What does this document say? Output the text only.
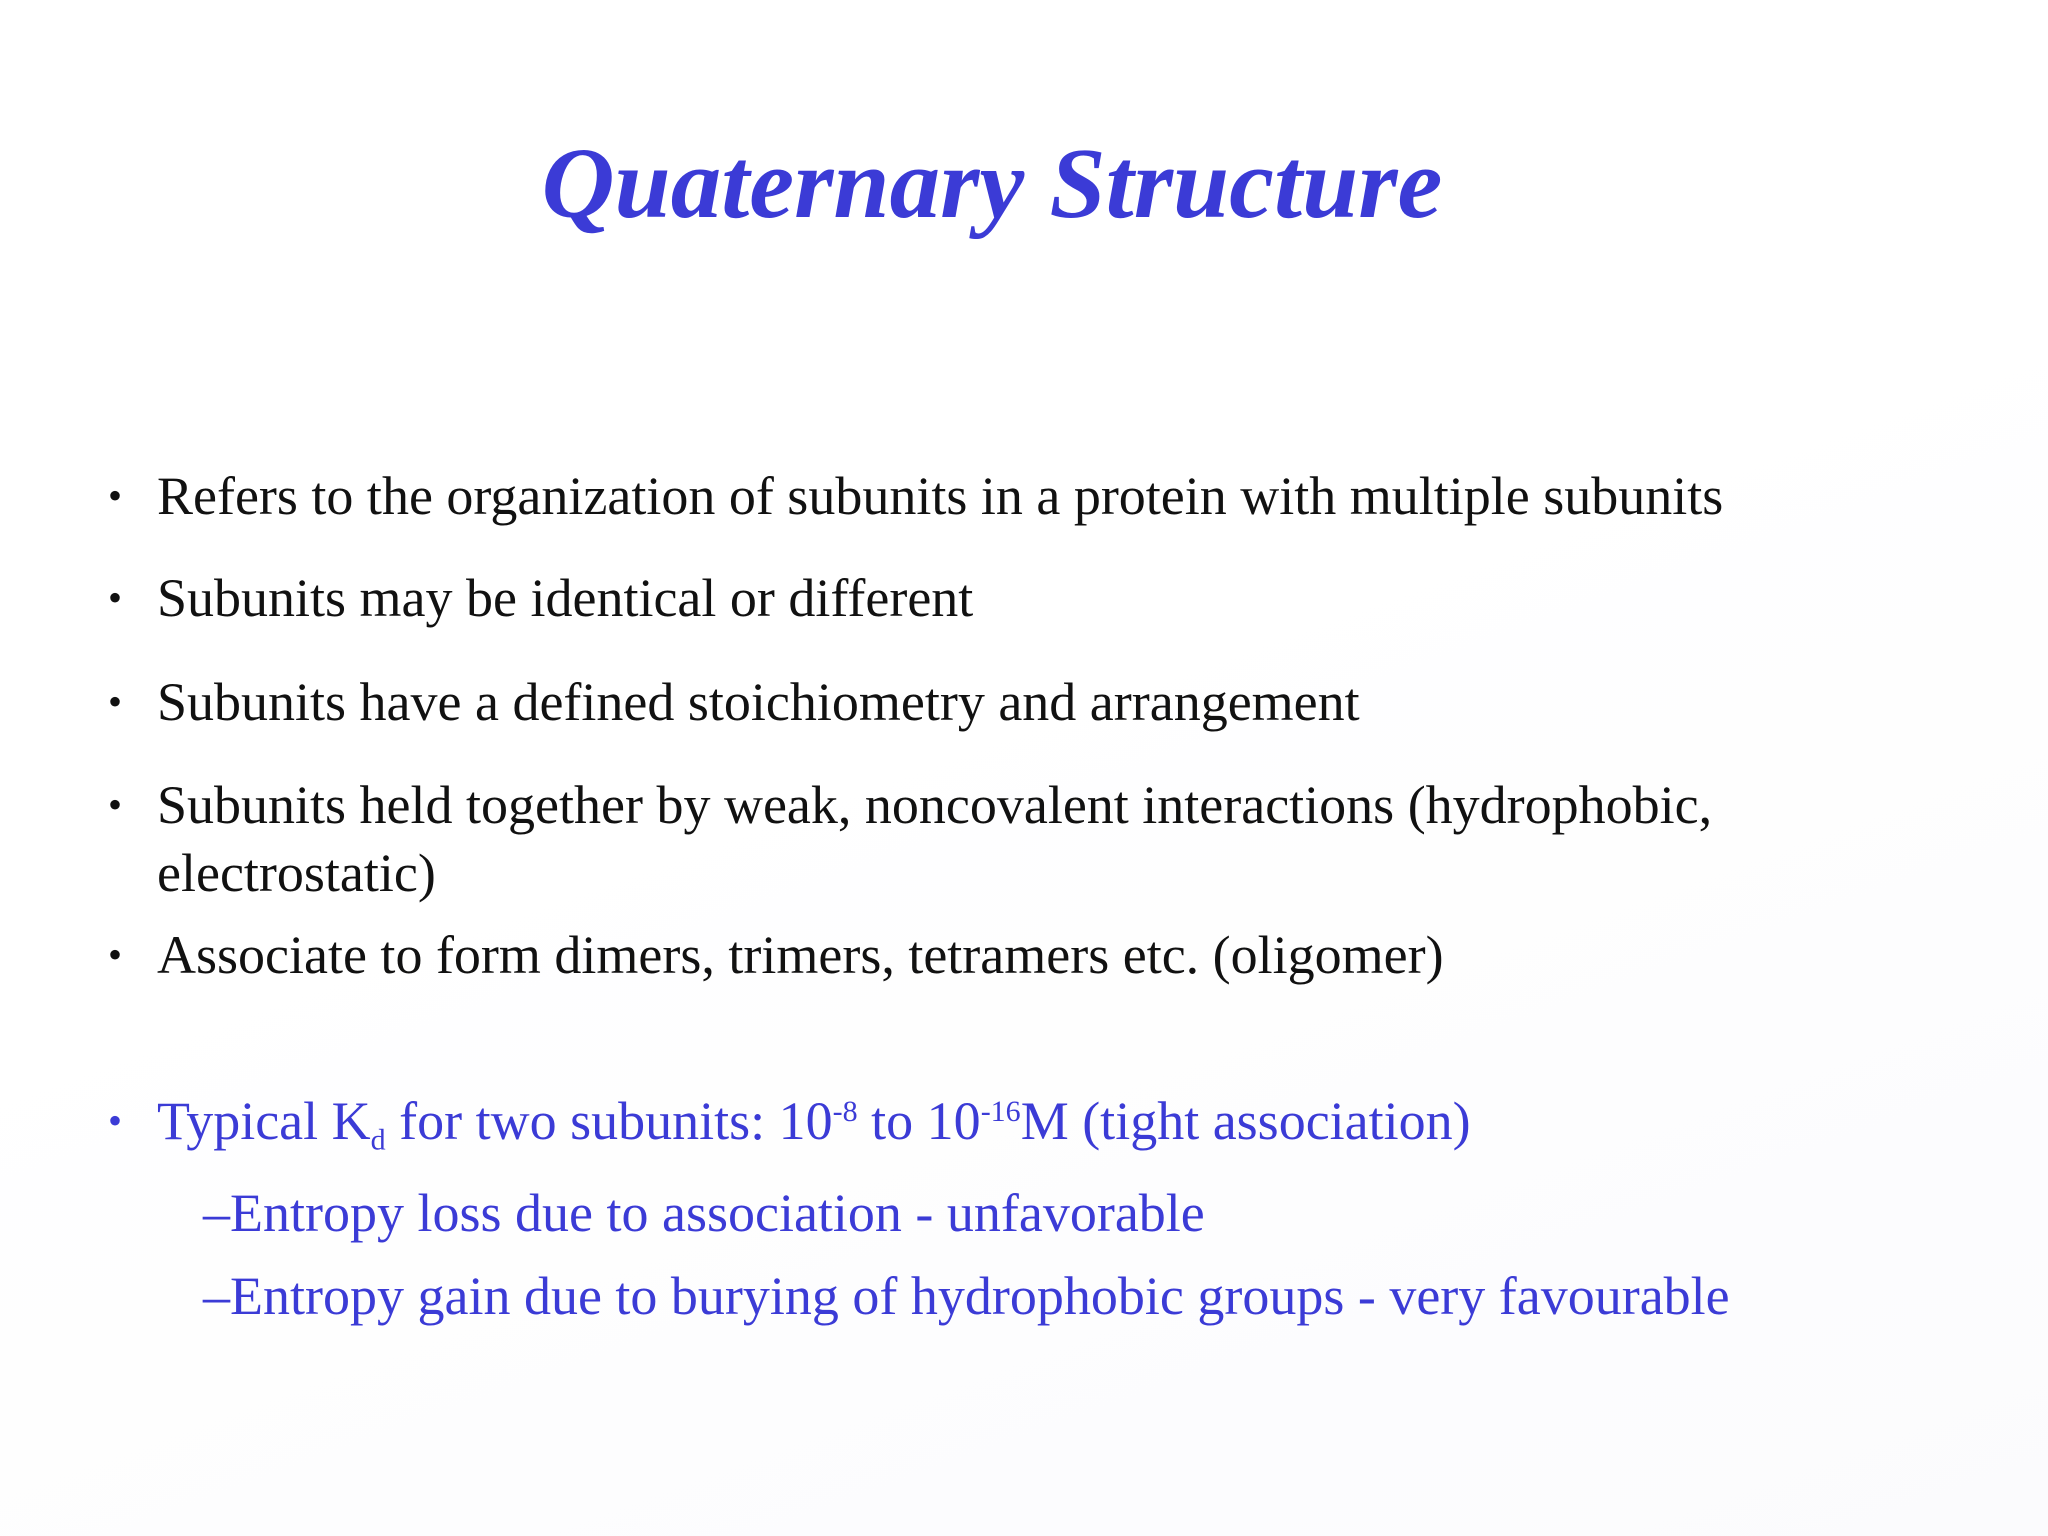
Quaternary Structure
• Refers to the organization of subunits in a protein with multiple subunits
• Subunits may be identical or different
• Subunits have a defined stoichiometry and arrangement
• Subunits held together by weak, noncovalent interactions (hydrophobic,
electrostatic)
• Associate to form dimers, trimers, tetramers etc. (oligomer)
• Typical $K_d$ for two subunits: $10^{-8}$ to $10^{-16}M$ (tight association)
–Entropy loss due to association - unfavorable
–Entropy gain due to burying of hydrophobic groups - very favourable
